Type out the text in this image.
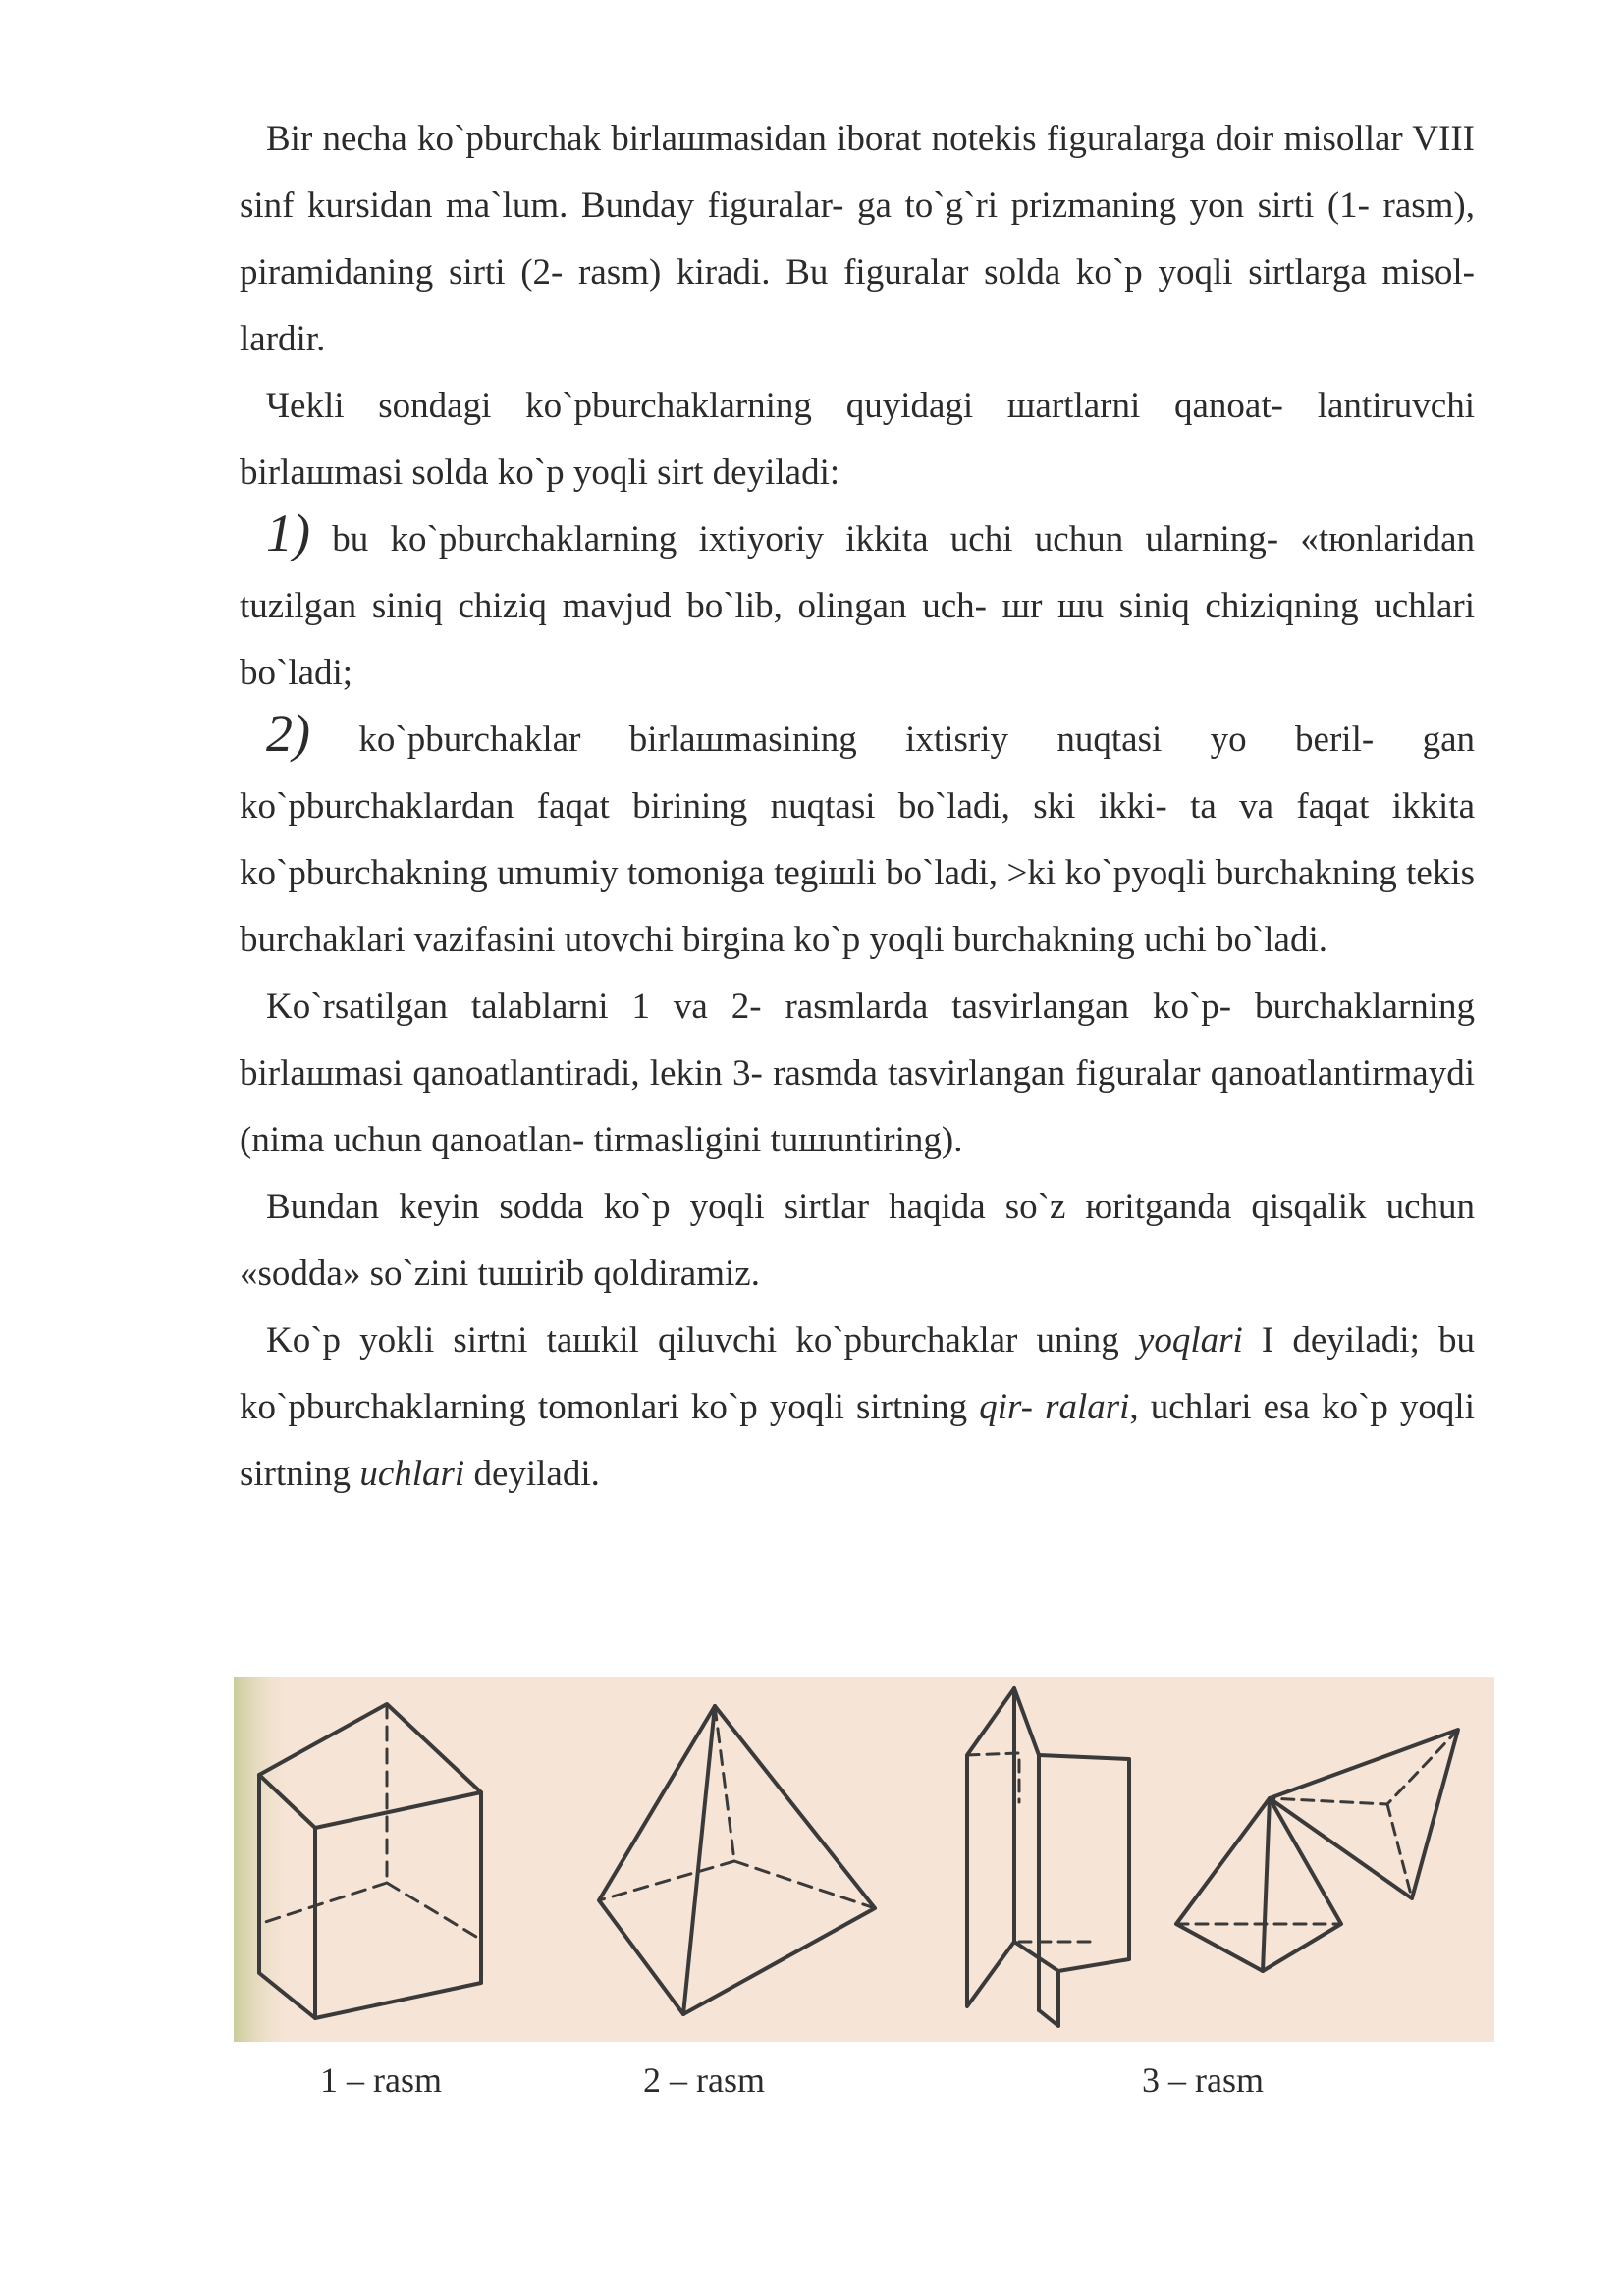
Bir necha ko`pburchak birlaшmasidan iborat notekis figuralarga doir misollar VIII sinf kursidan ma`lum. Bunday figuralar- ga to`g`ri prizmaning yon sirti (1- rasm), piramidaning sirti (2- rasm) kiradi. Bu figuralar solda ko`p yoqli sirtlarga misol- lardir.

Чekli sondagi ko`pburchaklarning quyidagi шartlarni qanoat- lantiruvchi birlaшmasi solda ko`p yoqli sirt deyiladi:

1) bu ko`pburchaklarning ixtiyoriy ikkita uchi uchun ularning- «tюnlaridan tuzilgan siniq chiziq mavjud bo`lib, olingan uch- шr шu siniq chiziqning uchlari bo`ladi;

2) ko`pburchaklar birlaшmasining ixtisriy nuqtasi yo beril- gan ko`pburchaklardan faqat birining nuqtasi bo`ladi, ski ikki- ta va faqat ikkita ko`pburchakning umumiy tomoniga tegiшli bo`ladi, >ki ko`pyoqli burchakning tekis burchaklari vazifasini utovchi birgina ko`p yoqli burchakning uchi bo`ladi.

Ko`rsatilgan talablarni 1 va 2- rasmlarda tasvirlangan ko`p- burchaklarning birlaшmasi qanoatlantiradi, lekin 3- rasmda tasvirlangan figuralar qanoatlantirmaydi (nima uchun qanoatlan- tirmasligini tuшuntiring).

Bundan keyin sodda ko`p yoqli sirtlar haqida so`z юritganda qisqalik uchun «sodda» so`zini tuшirib qoldiramiz.

Ko`p yokli sirtni taшkil qiluvchi ko`pburchaklar uning yoqlari I deyiladi; bu ko`pburchaklarning tomonlari ko`p yoqli sirtning qir- ralari, uchlari esa ko`p yoqli sirtning uchlari deyiladi.

1 – rasm	2 – rasm	3 – rasm
